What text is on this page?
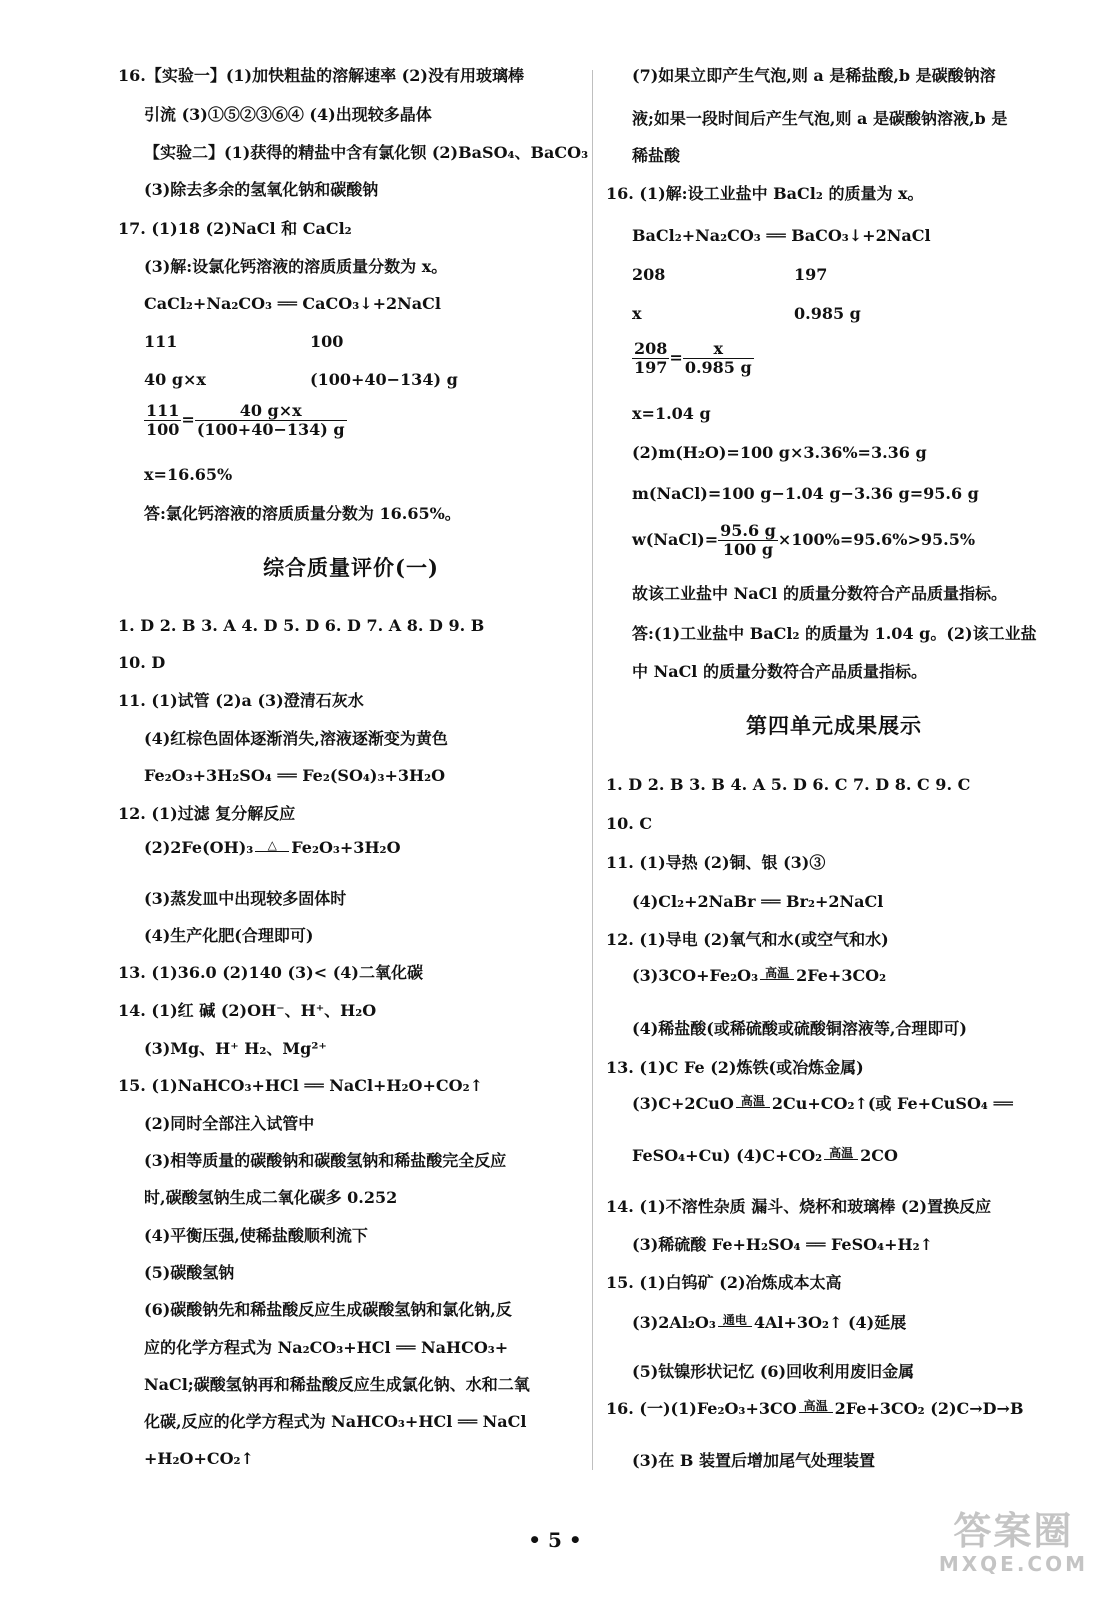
16.【实验一】(1)加快粗盐的溶解速率 (2)没有用玻璃棒
引流 (3)①⑤②③⑥④ (4)出现较多晶体
【实验二】(1)获得的精盐中含有氯化钡 (2)BaSO₄、BaCO₃
(3)除去多余的氢氧化钠和碳酸钠
17. (1)18 (2)NaCl 和 CaCl₂
(3)解:设氯化钙溶液的溶质质量分数为 x。
CaCl₂+Na₂CO₃ ══ CaCO₃↓+2NaCl
111	100
40 g×x	(100+40−134) g
$\frac{111}{100} = \frac{40 g\times x}{(100+40-134) g}$
x=16.65%
答:氯化钙溶液的溶质质量分数为 16.65%。
综合质量评价(一)
1. D 2. B 3. A 4. D 5. D 6. D 7. A 8. D 9. B
10. D
11. (1)试管 (2)a (3)澄清石灰水
(4)红棕色固体逐渐消失,溶液逐渐变为黄色
Fe₂O₃+3H₂SO₄ ══ Fe₂(SO₄)₃+3H₂O
12. (1)过滤 复分解反应
(2)2Fe(OH)₃	△ Fe₂O₃+3H₂O
(3)蒸发皿中出现较多固体时
(4)生产化肥(合理即可)
13. (1)36.0 (2)140 (3)< (4)二氧化碳
14. (1)红 碱 (2)OH⁻、H⁺、H₂O
(3)Mg、H⁺ H₂、Mg²⁺
15. (1)NaHCO₃+HCl ══ NaCl+H₂O+CO₂↑
(2)同时全部注入试管中
(3)相等质量的碳酸钠和碳酸氢钠和稀盐酸完全反应
时,碳酸氢钠生成二氧化碳多 0.252
(4)平衡压强,使稀盐酸顺利流下
(5)碳酸氢钠
(6)碳酸钠先和稀盐酸反应生成碳酸氢钠和氯化钠,反
应的化学方程式为 Na₂CO₃+HCl ══ NaHCO₃+
NaCl;碳酸氢钠再和稀盐酸反应生成氯化钠、水和二氧
化碳,反应的化学方程式为 NaHCO₃+HCl ══ NaCl
+H₂O+CO₂↑
(7)如果立即产生气泡,则 a 是稀盐酸,b 是碳酸钠溶
液;如果一段时间后产生气泡,则 a 是碳酸钠溶液,b 是
稀盐酸
16. (1)解:设工业盐中 BaCl₂ 的质量为 x。
BaCl₂+Na₂CO₃ ══ BaCO₃↓+2NaCl
208	197
x	0.985 g
$\frac{208}{197} = \frac{x}{0.985 g}$
x=1.04 g
(2)m(H₂O)=100 g×3.36%=3.36 g
m(NaCl)=100 g−1.04 g−3.36 g=95.6 g
w(NaCl)= $\frac{95.6 g}{100 g} \times 100\%=95.6\%>95.5\%$
故该工业盐中 NaCl 的质量分数符合产品质量指标。
答:(1)工业盐中 BaCl₂ 的质量为 1.04 g。(2)该工业盐
中 NaCl 的质量分数符合产品质量指标。
第四单元成果展示
1. D 2. B 3. B 4. A 5. D 6. C 7. D 8. C 9. C
10. C
11. (1)导热 (2)铜、银 (3)③
(4)Cl₂+2NaBr ══ Br₂+2NaCl
12. (1)导电 (2)氧气和水(或空气和水)
(3)3CO+Fe₂O₃ 高温 2Fe+3CO₂
(4)稀盐酸(或稀硫酸或硫酸铜溶液等,合理即可)
13. (1)C Fe (2)炼铁(或冶炼金属)
(3)C+2CuO 高温 2Cu+CO₂↑(或 Fe+CuSO₄ ══
FeSO₄+Cu) (4)C+CO₂ 高温 2CO
14. (1)不溶性杂质 漏斗、烧杯和玻璃棒 (2)置换反应
(3)稀硫酸 Fe+H₂SO₄ ══ FeSO₄+H₂↑
15. (1)白钨矿 (2)冶炼成本太高
(3)2Al₂O₃ 通电 4Al+3O₂↑ (4)延展
(5)钛镍形状记忆 (6)回收利用废旧金属
16. (一)(1)Fe₂O₃+3CO 高温 2Fe+3CO₂ (2)C→D→B
(3)在 B 装置后增加尾气处理装置
• 5 •	答案圈
MXQE.COM
